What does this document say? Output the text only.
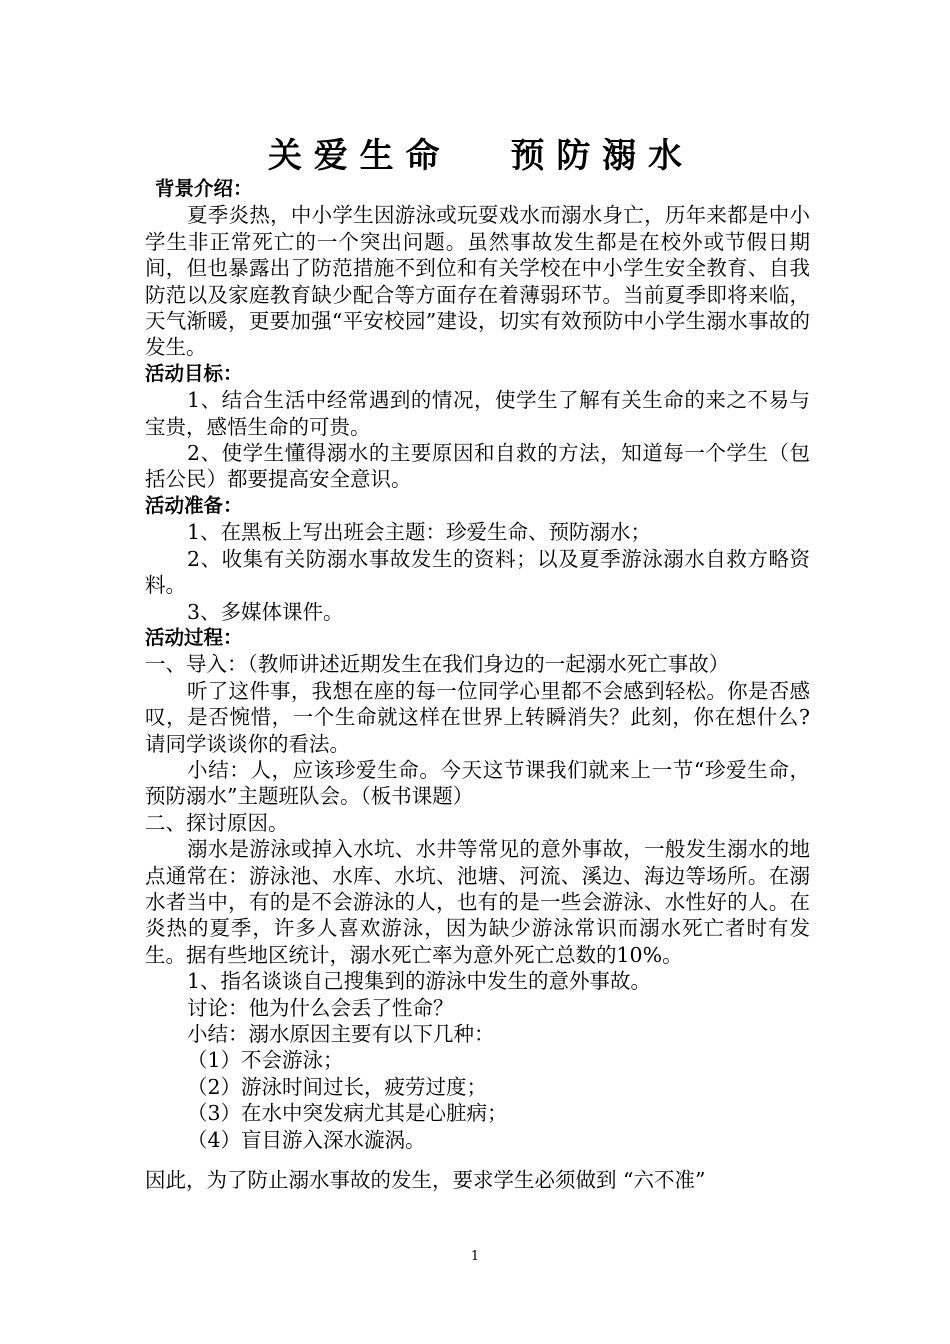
关 爱 生 命      预 防 溺 水

背景介绍：

夏季炎热，中小学生因游泳或玩耍戏水而溺水身亡，历年来都是中小学生非正常死亡的一个突出问题。虽然事故发生都是在校外或节假日期间，但也暴露出了防范措施不到位和有关学校在中小学生安全教育、自我防范以及家庭教育缺少配合等方面存在着薄弱环节。当前夏季即将来临，天气渐暖，更要加强“平安校园”建设，切实有效预防中小学生溺水事故的发生。

活动目标：

1、结合生活中经常遇到的情况，使学生了解有关生命的来之不易与宝贵，感悟生命的可贵。

2、使学生懂得溺水的主要原因和自救的方法，知道每一个学生（包括公民）都要提高安全意识。

活动准备：

1、在黑板上写出班会主题：珍爱生命、预防溺水；

2、收集有关防溺水事故发生的资料；以及夏季游泳溺水自救方略资料。

3、多媒体课件。

活动过程：

一、导入：（教师讲述近期发生在我们身边的一起溺水死亡事故）

听了这件事，我想在座的每一位同学心里都不会感到轻松。你是否感叹，是否惋惜，一个生命就这样在世界上转瞬消失？此刻，你在想什么?请同学谈谈你的看法。

小结：人，应该珍爱生命。今天这节课我们就来上一节“珍爱生命，预防溺水”主题班队会。（板书课题）

二、探讨原因。

溺水是游泳或掉入水坑、水井等常见的意外事故，一般发生溺水的地点通常在：游泳池、水库、水坑、池塘、河流、溪边、海边等场所。在溺水者当中，有的是不会游泳的人，也有的是一些会游泳、水性好的人。在炎热的夏季，许多人喜欢游泳，因为缺少游泳常识而溺水死亡者时有发生。据有些地区统计，溺水死亡率为意外死亡总数的10%。

1、指名谈谈自己搜集到的游泳中发生的意外事故。

讨论：他为什么会丢了性命？

小结：溺水原因主要有以下几种：

（1）不会游泳；

（2）游泳时间过长，疲劳过度；

（3）在水中突发病尤其是心脏病；

（4）盲目游入深水漩涡。

因此，为了防止溺水事故的发生，要求学生必须做到 “六不准”

1
